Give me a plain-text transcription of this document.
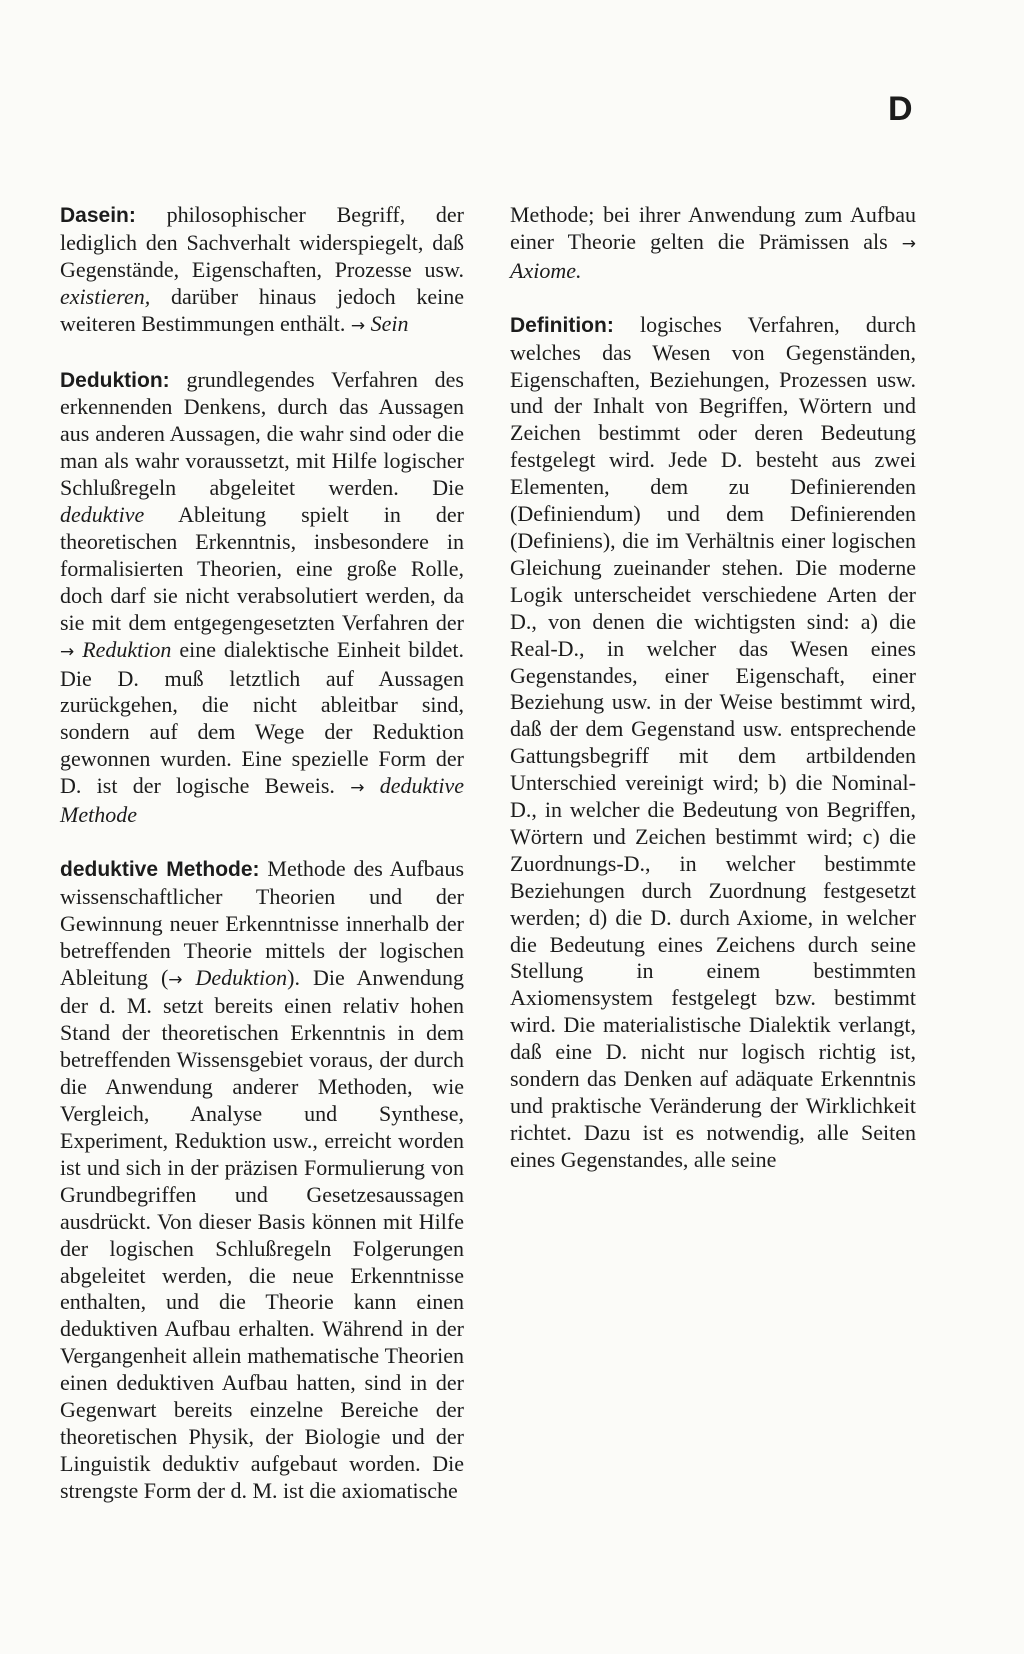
D

Dasein: philosophischer Begriff, der lediglich den Sachverhalt widerspiegelt, daß Gegenstände, Eigenschaften, Prozesse usw. existieren, darüber hinaus jedoch keine weiteren Bestimmungen enthält. → Sein

Deduktion: grundlegendes Verfahren des erkennenden Denkens, durch das Aussagen aus anderen Aussagen, die wahr sind oder die man als wahr voraussetzt, mit Hilfe logischer Schlußregeln abgeleitet werden. Die deduktive Ableitung spielt in der theoretischen Erkenntnis, insbesondere in formalisierten Theorien, eine große Rolle, doch darf sie nicht verabsolutiert werden, da sie mit dem entgegengesetzten Verfahren der → Reduktion eine dialektische Einheit bildet. Die D. muß letztlich auf Aussagen zurückgehen, die nicht ableitbar sind, sondern auf dem Wege der Reduktion gewonnen wurden. Eine spezielle Form der D. ist der logische Beweis. → deduktive Methode

deduktive Methode: Methode des Aufbaus wissenschaftlicher Theorien und der Gewinnung neuer Erkenntnisse innerhalb der betreffenden Theorie mittels der logischen Ableitung (→ Deduktion). Die Anwendung der d. M. setzt bereits einen relativ hohen Stand der theoretischen Erkenntnis in dem betreffenden Wissensgebiet voraus, der durch die Anwendung anderer Methoden, wie Vergleich, Analyse und Synthese, Experiment, Reduktion usw., erreicht worden ist und sich in der präzisen Formulierung von Grundbegriffen und Gesetzesaussagen ausdrückt. Von dieser Basis können mit Hilfe der logischen Schlußregeln Folgerungen abgeleitet werden, die neue Erkenntnisse enthalten, und die Theorie kann einen deduktiven Aufbau erhalten. Während in der Vergangenheit allein mathematische Theorien einen deduktiven Aufbau hatten, sind in der Gegenwart bereits einzelne Bereiche der theoretischen Physik, der Biologie und der Linguistik deduktiv aufgebaut worden. Die strengste Form der d. M. ist die axiomatische

Methode; bei ihrer Anwendung zum Aufbau einer Theorie gelten die Prämissen als → Axiome.

Definition: logisches Verfahren, durch welches das Wesen von Gegenständen, Eigenschaften, Beziehungen, Prozessen usw. und der Inhalt von Begriffen, Wörtern und Zeichen bestimmt oder deren Bedeutung festgelegt wird. Jede D. besteht aus zwei Elementen, dem zu Definierenden (Definiendum) und dem Definierenden (Definiens), die im Verhältnis einer logischen Gleichung zueinander stehen. Die moderne Logik unterscheidet verschiedene Arten der D., von denen die wichtigsten sind: a) die Real-D., in welcher das Wesen eines Gegenstandes, einer Eigenschaft, einer Beziehung usw. in der Weise bestimmt wird, daß der dem Gegenstand usw. entsprechende Gattungsbegriff mit dem artbildenden Unterschied vereinigt wird; b) die Nominal-D., in welcher die Bedeutung von Begriffen, Wörtern und Zeichen bestimmt wird; c) die Zuordnungs-D., in welcher bestimmte Beziehungen durch Zuordnung festgesetzt werden; d) die D. durch Axiome, in welcher die Bedeutung eines Zeichens durch seine Stellung in einem bestimmten Axiomensystem festgelegt bzw. bestimmt wird. Die materialistische Dialektik verlangt, daß eine D. nicht nur logisch richtig ist, sondern das Denken auf adäquate Erkenntnis und praktische Veränderung der Wirklichkeit richtet. Dazu ist es notwendig, alle Seiten eines Gegenstandes, alle seine
